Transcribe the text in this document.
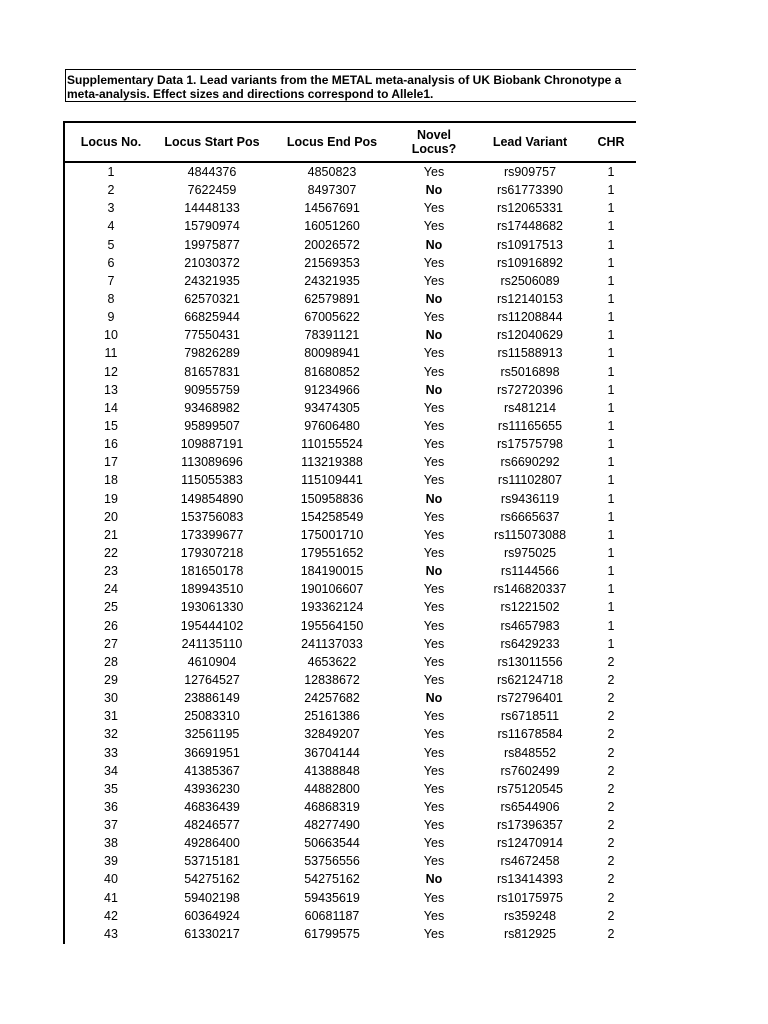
Supplementary Data 1. Lead variants from the METAL meta-analysis of UK Biobank Chronotype a
meta-analysis. Effect sizes and directions correspond to Allele1.
Locus No.	Locus Start Pos	Locus End Pos	Novel
Locus?	Lead Variant	CHR
1	4844376	4850823	Yes	rs909757	1
2	7622459	8497307	No	rs61773390	1
3	14448133	14567691	Yes	rs12065331	1
4	15790974	16051260	Yes	rs17448682	1
5	19975877	20026572	No	rs10917513	1
6	21030372	21569353	Yes	rs10916892	1
7	24321935	24321935	Yes	rs2506089	1
8	62570321	62579891	No	rs12140153	1
9	66825944	67005622	Yes	rs11208844	1
10	77550431	78391121	No	rs12040629	1
11	79826289	80098941	Yes	rs11588913	1
12	81657831	81680852	Yes	rs5016898	1
13	90955759	91234966	No	rs72720396	1
14	93468982	93474305	Yes	rs481214	1
15	95899507	97606480	Yes	rs11165655	1
16	109887191	110155524	Yes	rs17575798	1
17	113089696	113219388	Yes	rs6690292	1
18	115055383	115109441	Yes	rs11102807	1
19	149854890	150958836	No	rs9436119	1
20	153756083	154258549	Yes	rs6665637	1
21	173399677	175001710	Yes	rs115073088	1
22	179307218	179551652	Yes	rs975025	1
23	181650178	184190015	No	rs1144566	1
24	189943510	190106607	Yes	rs146820337	1
25	193061330	193362124	Yes	rs1221502	1
26	195444102	195564150	Yes	rs4657983	1
27	241135110	241137033	Yes	rs6429233	1
28	4610904	4653622	Yes	rs13011556	2
29	12764527	12838672	Yes	rs62124718	2
30	23886149	24257682	No	rs72796401	2
31	25083310	25161386	Yes	rs6718511	2
32	32561195	32849207	Yes	rs11678584	2
33	36691951	36704144	Yes	rs848552	2
34	41385367	41388848	Yes	rs7602499	2
35	43936230	44882800	Yes	rs75120545	2
36	46836439	46868319	Yes	rs6544906	2
37	48246577	48277490	Yes	rs17396357	2
38	49286400	50663544	Yes	rs12470914	2
39	53715181	53756556	Yes	rs4672458	2
40	54275162	54275162	No	rs13414393	2
41	59402198	59435619	Yes	rs10175975	2
42	60364924	60681187	Yes	rs359248	2
43	61330217	61799575	Yes	rs812925	2
